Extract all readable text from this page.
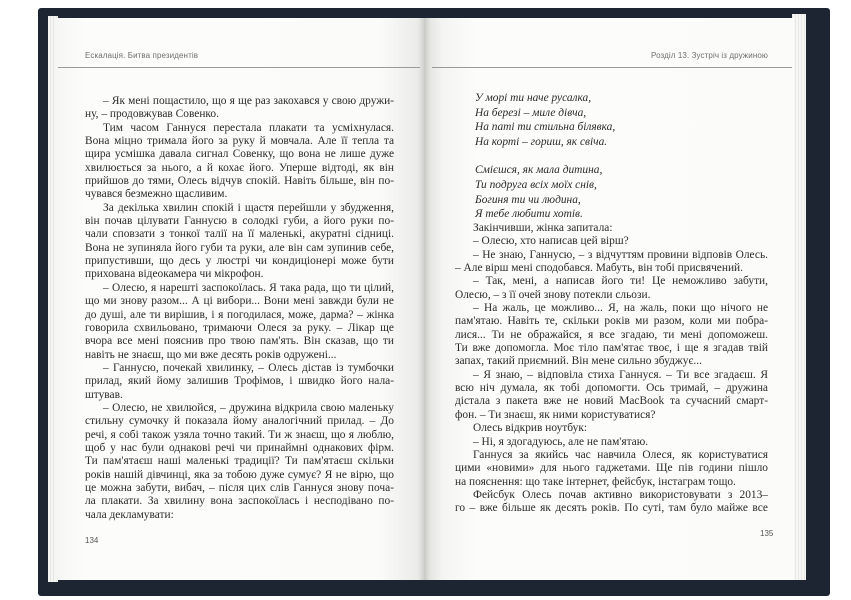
Ескалація. Битва президентів	Розділ 13. Зустріч із дружиною
– Як мені пощастило, що я ще раз закохався у свою дружи-
ну, – продовжував Совенко.
Тим часом Ганнуся перестала плакати та усміхнулася.
Вона міцно тримала його за руку й мовчала. Але її тепла та
щира усмішка давала сигнал Совенку, що вона не лише дуже
хвилюється за нього, а й кохає його. Уперше відтоді, як він
прийшов до тями, Олесь відчув спокій. Навіть більше, він по-
чувався безмежно щасливим.
За декілька хвилин спокій і щастя перейшли у збудження,
він почав цілувати Ганнусю в солодкі губи, а його руки по-
чали сповзати з тонкої талії на її маленькі, акуратні сідниці.
Вона не зупиняла його губи та руки, але він сам зупинив себе,
припустивши, що десь у люстрі чи кондиціонері може бути
прихована відеокамера чи мікрофон.
– Олесю, я нарешті заспокоїлась. Я така рада, що ти цілий,
що ми знову разом... А ці вибори... Вони мені завжди були не
до душі, але ти вирішив, і я погодилася, може, дарма? – жінка
говорила схвильовано, тримаючи Олеся за руку. – Лікар ще
вчора все мені пояснив про твою пам'ять. Він сказав, що ти
навіть не знаєш, що ми вже десять років одружені...
– Ганнусю, почекай хвилинку, – Олесь дістав із тумбочки
прилад, який йому залишив Трофімов, і швидко його нала-
штував.
– Олесю, не хвилюйся, – дружина відкрила свою маленьку
стильну сумочку й показала йому аналогічний прилад. – До
речі, я собі також узяла точно такий. Ти ж знаєш, що я люблю,
щоб у нас були однакові речі чи принаймні однакових фірм.
Ти пам'ятаєш наші маленькі традиції? Ти пам'ятаєш скільки
років нашій дівчинці, яка за тобою дуже сумує? Я не вірю, що
це можна забути, вибач, – після цих слів Ганнуся знову поча-
ла плакати. За хвилину вона заспокоїлась і несподівано по-
чала декламувати:
У морі ти наче русалка,
На березі – миле дівча,
На паті ти стильна білявка,
На корті – гориш, як свіча.
Смієшся, як мала дитина,
Ти подруга всіх моїх снів,
Богиня ти чи людина,
Я тебе любити хотів.
Закінчивши, жінка запитала:
– Олесю, хто написав цей вірш?
– Не знаю, Ганнусю, – з відчуттям провини відповів Олесь.
– Але вірш мені сподобався. Мабуть, він тобі присвячений.
– Так, мені, а написав його ти! Це неможливо забути,
Олесю, – з її очей знову потекли сльози.
– На жаль, це можливо... Я, на жаль, поки що нічого не
пам'ятаю. Навіть те, скільки років ми разом, коли ми побра-
лися... Ти не ображайся, я все згадаю, ти мені допоможеш.
Ти вже допомогла. Моє тіло пам'ятає твоє, і ще я згадав твій
запах, такий приємний. Він мене сильно збуджує...
– Я знаю, – відповіла стиха Ганнуся. – Ти все згадаєш. Я
всю ніч думала, як тобі допомогти. Ось тримай, – дружина
дістала з пакета вже не новий MacBook та сучасний смарт-
фон. – Ти знаєш, як ними користуватися?
Олесь відкрив ноутбук:
– Ні, я здогадуюсь, але не пам'ятаю.
Ганнуся за якийсь час навчила Олеся, як користуватися
цими «новими» для нього гаджетами. Ще пів години пішло
на пояснення: що таке інтернет, фейсбук, інстаграм тощо.
Фейсбук Олесь почав активно використовувати з 2013–
го – вже більше як десять років. По суті, там було майже все
134
135
